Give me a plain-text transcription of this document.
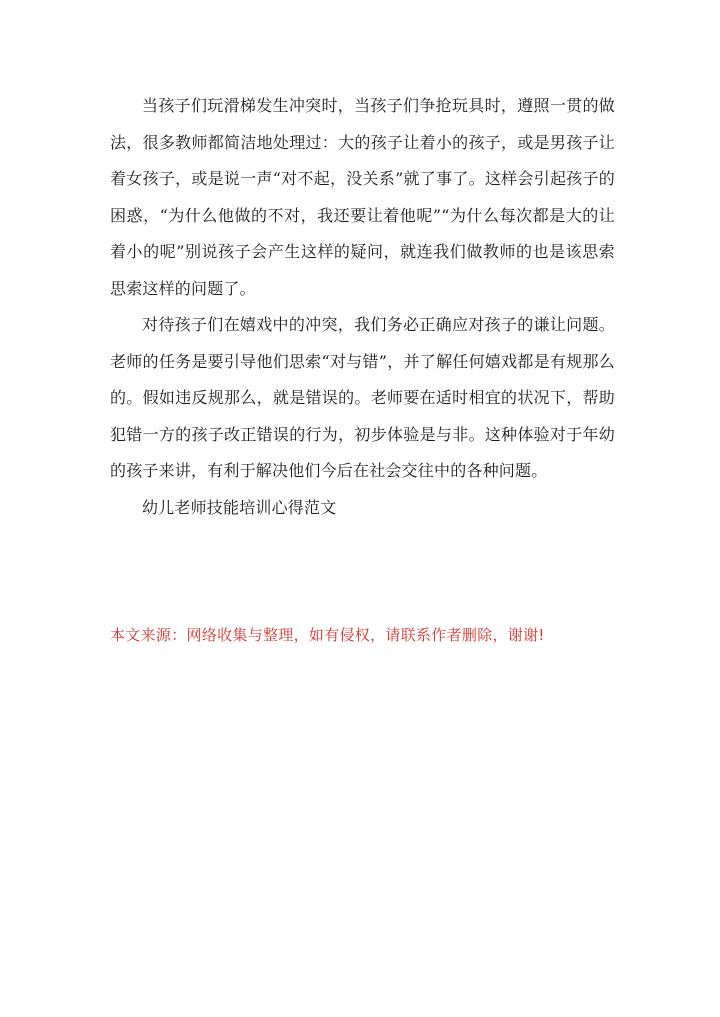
当孩子们玩滑梯发生冲突时，当孩子们争抢玩具时，遵照一贯的做法，很多教师都简洁地处理过：大的孩子让着小的孩子，或是男孩子让着女孩子，或是说一声“对不起，没关系”就了事了。这样会引起孩子的困惑，“为什么他做的不对，我还要让着他呢”“为什么每次都是大的让着小的呢”别说孩子会产生这样的疑问，就连我们做教师的也是该思索思索这样的问题了。

对待孩子们在嬉戏中的冲突，我们务必正确应对孩子的谦让问题。老师的任务是要引导他们思索“对与错”，并了解任何嬉戏都是有规那么的。假如违反规那么，就是错误的。老师要在适时相宜的状况下，帮助犯错一方的孩子改正错误的行为，初步体验是与非。这种体验对于年幼的孩子来讲，有利于解决他们今后在社会交往中的各种问题。

幼儿老师技能培训心得范文

本文来源：网络收集与整理，如有侵权，请联系作者删除，谢谢!
